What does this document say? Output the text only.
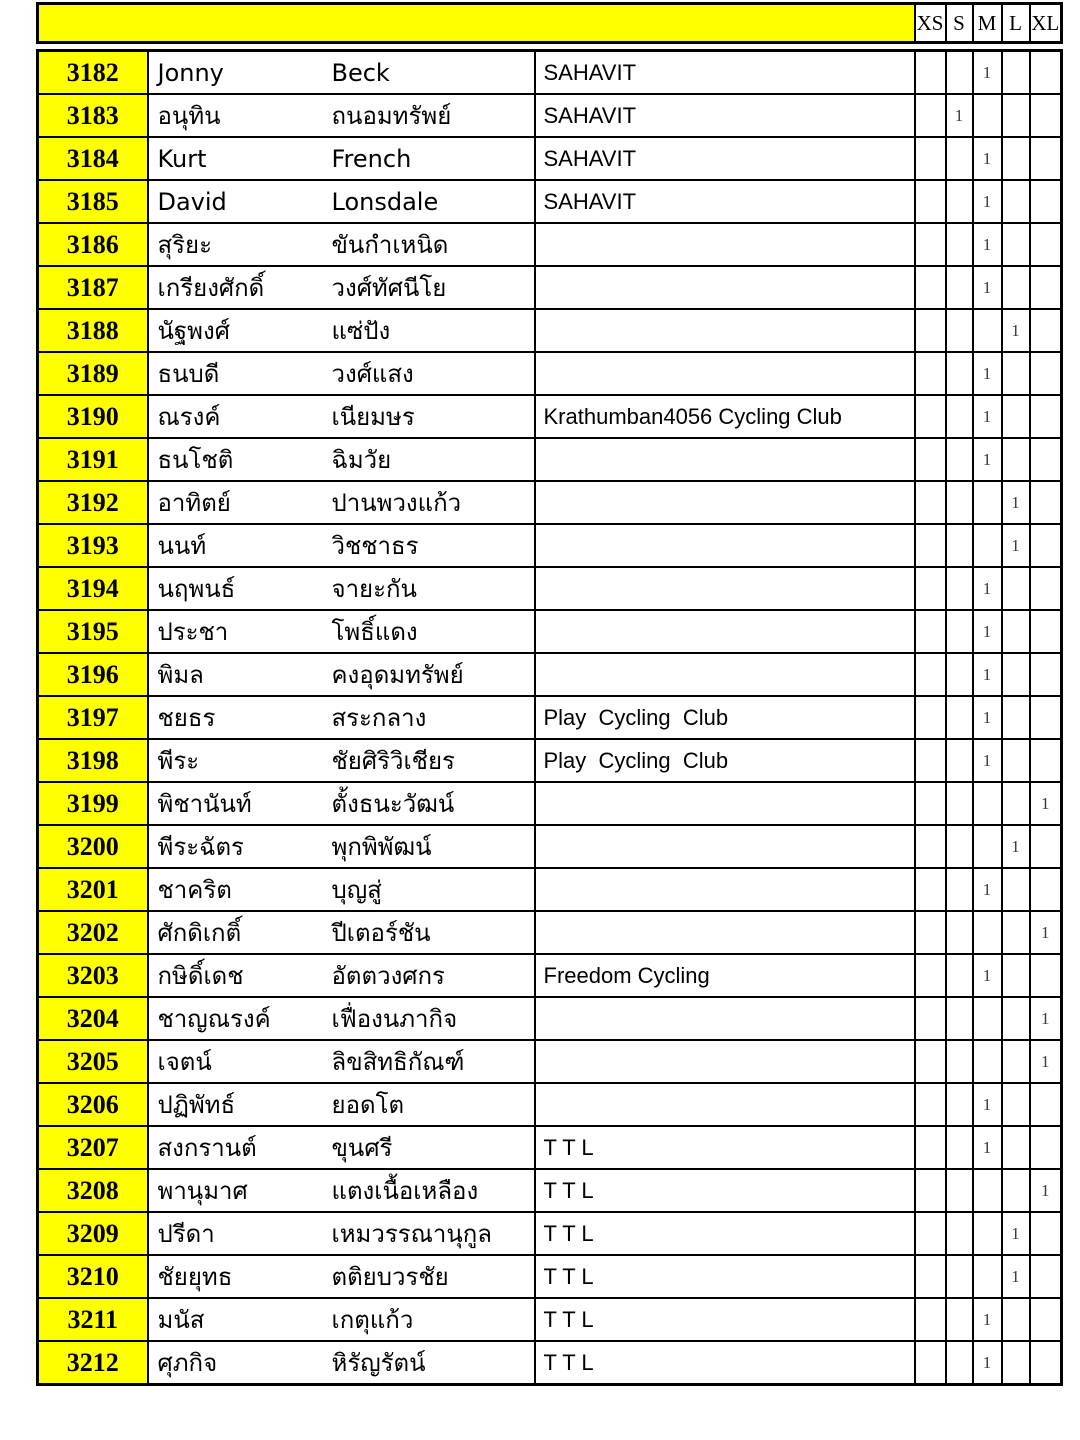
	XS	S	M	L	XL
3182	Jonny Beck	SAHAVIT			1		
3183	อนุทิน ถนอมทรัพย์	SAHAVIT		1			
3184	Kurt French	SAHAVIT			1		
3185	David Lonsdale	SAHAVIT			1		
3186	สุริยะ ขันกำเหนิด				1		
3187	เกรียงศักดิ์ วงศ์ทัศนีโย				1		
3188	นัฐพงศ์ แซ่ปัง					1	
3189	ธนบดี วงศ์แสง				1		
3190	ณรงค์ เนียมษร	Krathumban4056 Cycling Club			1		
3191	ธนโชติ ฉิมวัย				1		
3192	อาทิตย์ ปานพวงแก้ว					1	
3193	นนท์ วิชชาธร					1	
3194	นฤพนธ์ จายะกัน				1		
3195	ประชา โพธิ์แดง				1		
3196	พิมล คงอุดมทรัพย์				1		
3197	ชยธร สระกลาง	Play  Cycling  Club			1		
3198	พีระ ชัยศิริวิเชียร	Play  Cycling  Club			1		
3199	พิชานันท์ ตั้งธนะวัฒน์						1
3200	พีระฉัตร พุกพิพัฒน์					1	
3201	ชาคริต บุญสู่				1		
3202	ศักดิเกติ์ ปีเตอร์ชัน						1
3203	กษิดิ์เดช อัตตวงศกร	Freedom Cycling			1		
3204	ชาญณรงค์ เฟื่องนภากิจ						1
3205	เจตน์ ลิขสิทธิกัณฑ์						1
3206	ปฏิพัทธ์ ยอดโต				1		
3207	สงกรานต์ ขุนศรี	T T L			1		
3208	พานุมาศ แตงเนื้อเหลือง	T T L					1
3209	ปรีดา เหมวรรณานุกูล	T T L				1	
3210	ชัยยุทธ ตติยบวรชัย	T T L				1	
3211	มนัส เกตุแก้ว	T T L			1		
3212	ศุภกิจ หิรัญรัตน์	T T L			1		
